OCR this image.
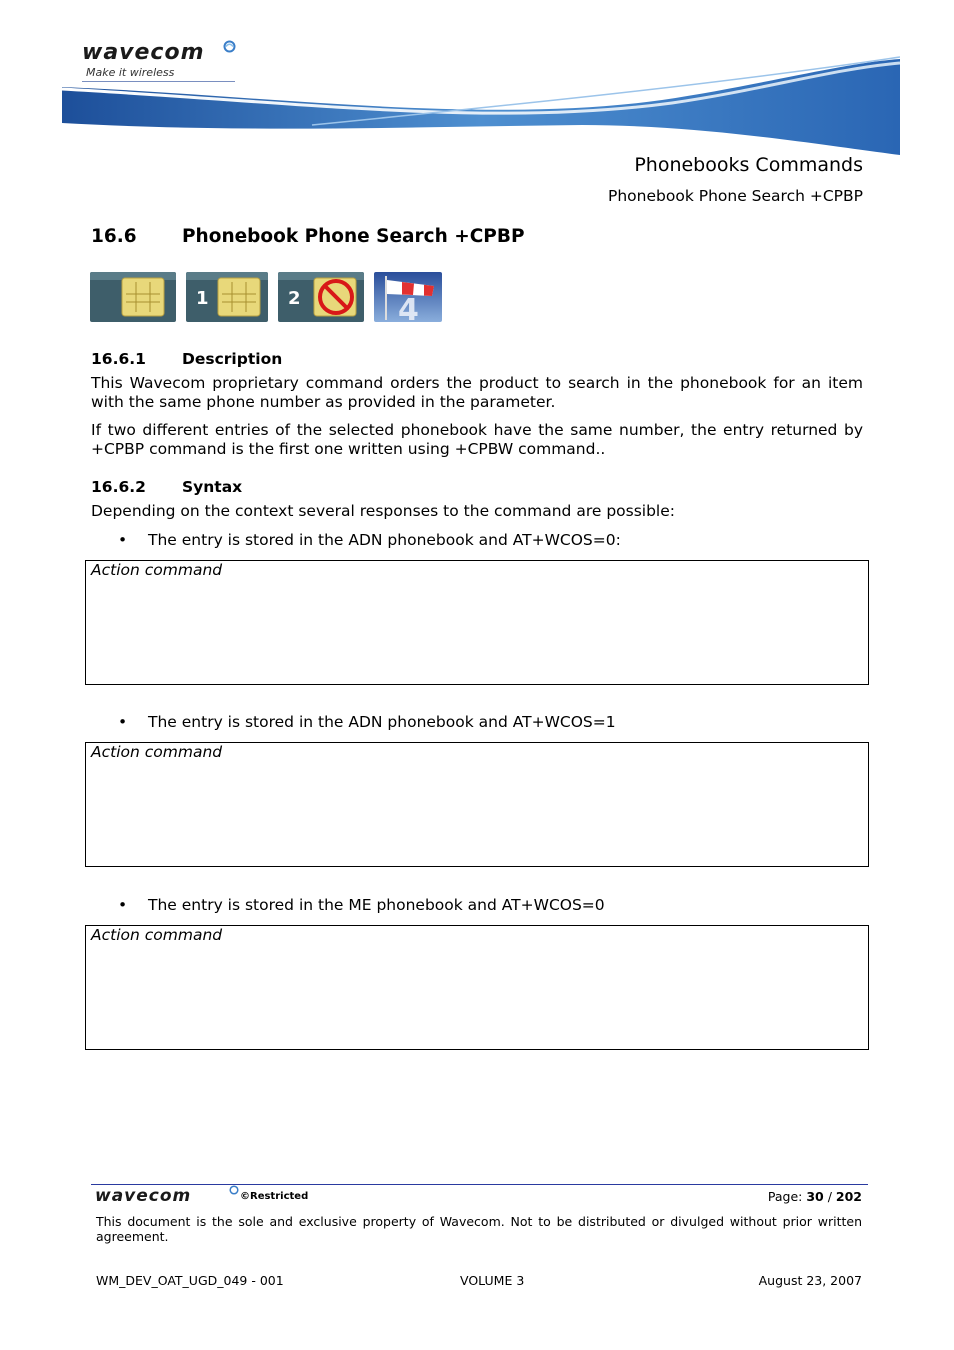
wavecom
Make it wireless
Phonebooks Commands
Phonebook Phone Search +CPBP
16.6 Phonebook Phone Search +CPBP
1	2	4
16.6.1 Description
This Wavecom proprietary command orders the product to search in the phonebook for an item with the same phone number as provided in the parameter.
If two different entries of the selected phonebook have the same number, the entry returned by +CPBP command is the first one written using +CPBW command..
16.6.2 Syntax
Depending on the context several responses to the command are possible:
• The entry is stored in the ADN phonebook and AT+WCOS=0:
Action command
• The entry is stored in the ADN phonebook and AT+WCOS=1
Action command
• The entry is stored in the ME phonebook and AT+WCOS=0
Action command
wavecom	©Restricted	Page: 30 / 202
This document is the sole and exclusive property of Wavecom. Not to be distributed or divulged without prior written agreement.
WM_DEV_OAT_UGD_049 - 001	VOLUME 3	August 23, 2007
